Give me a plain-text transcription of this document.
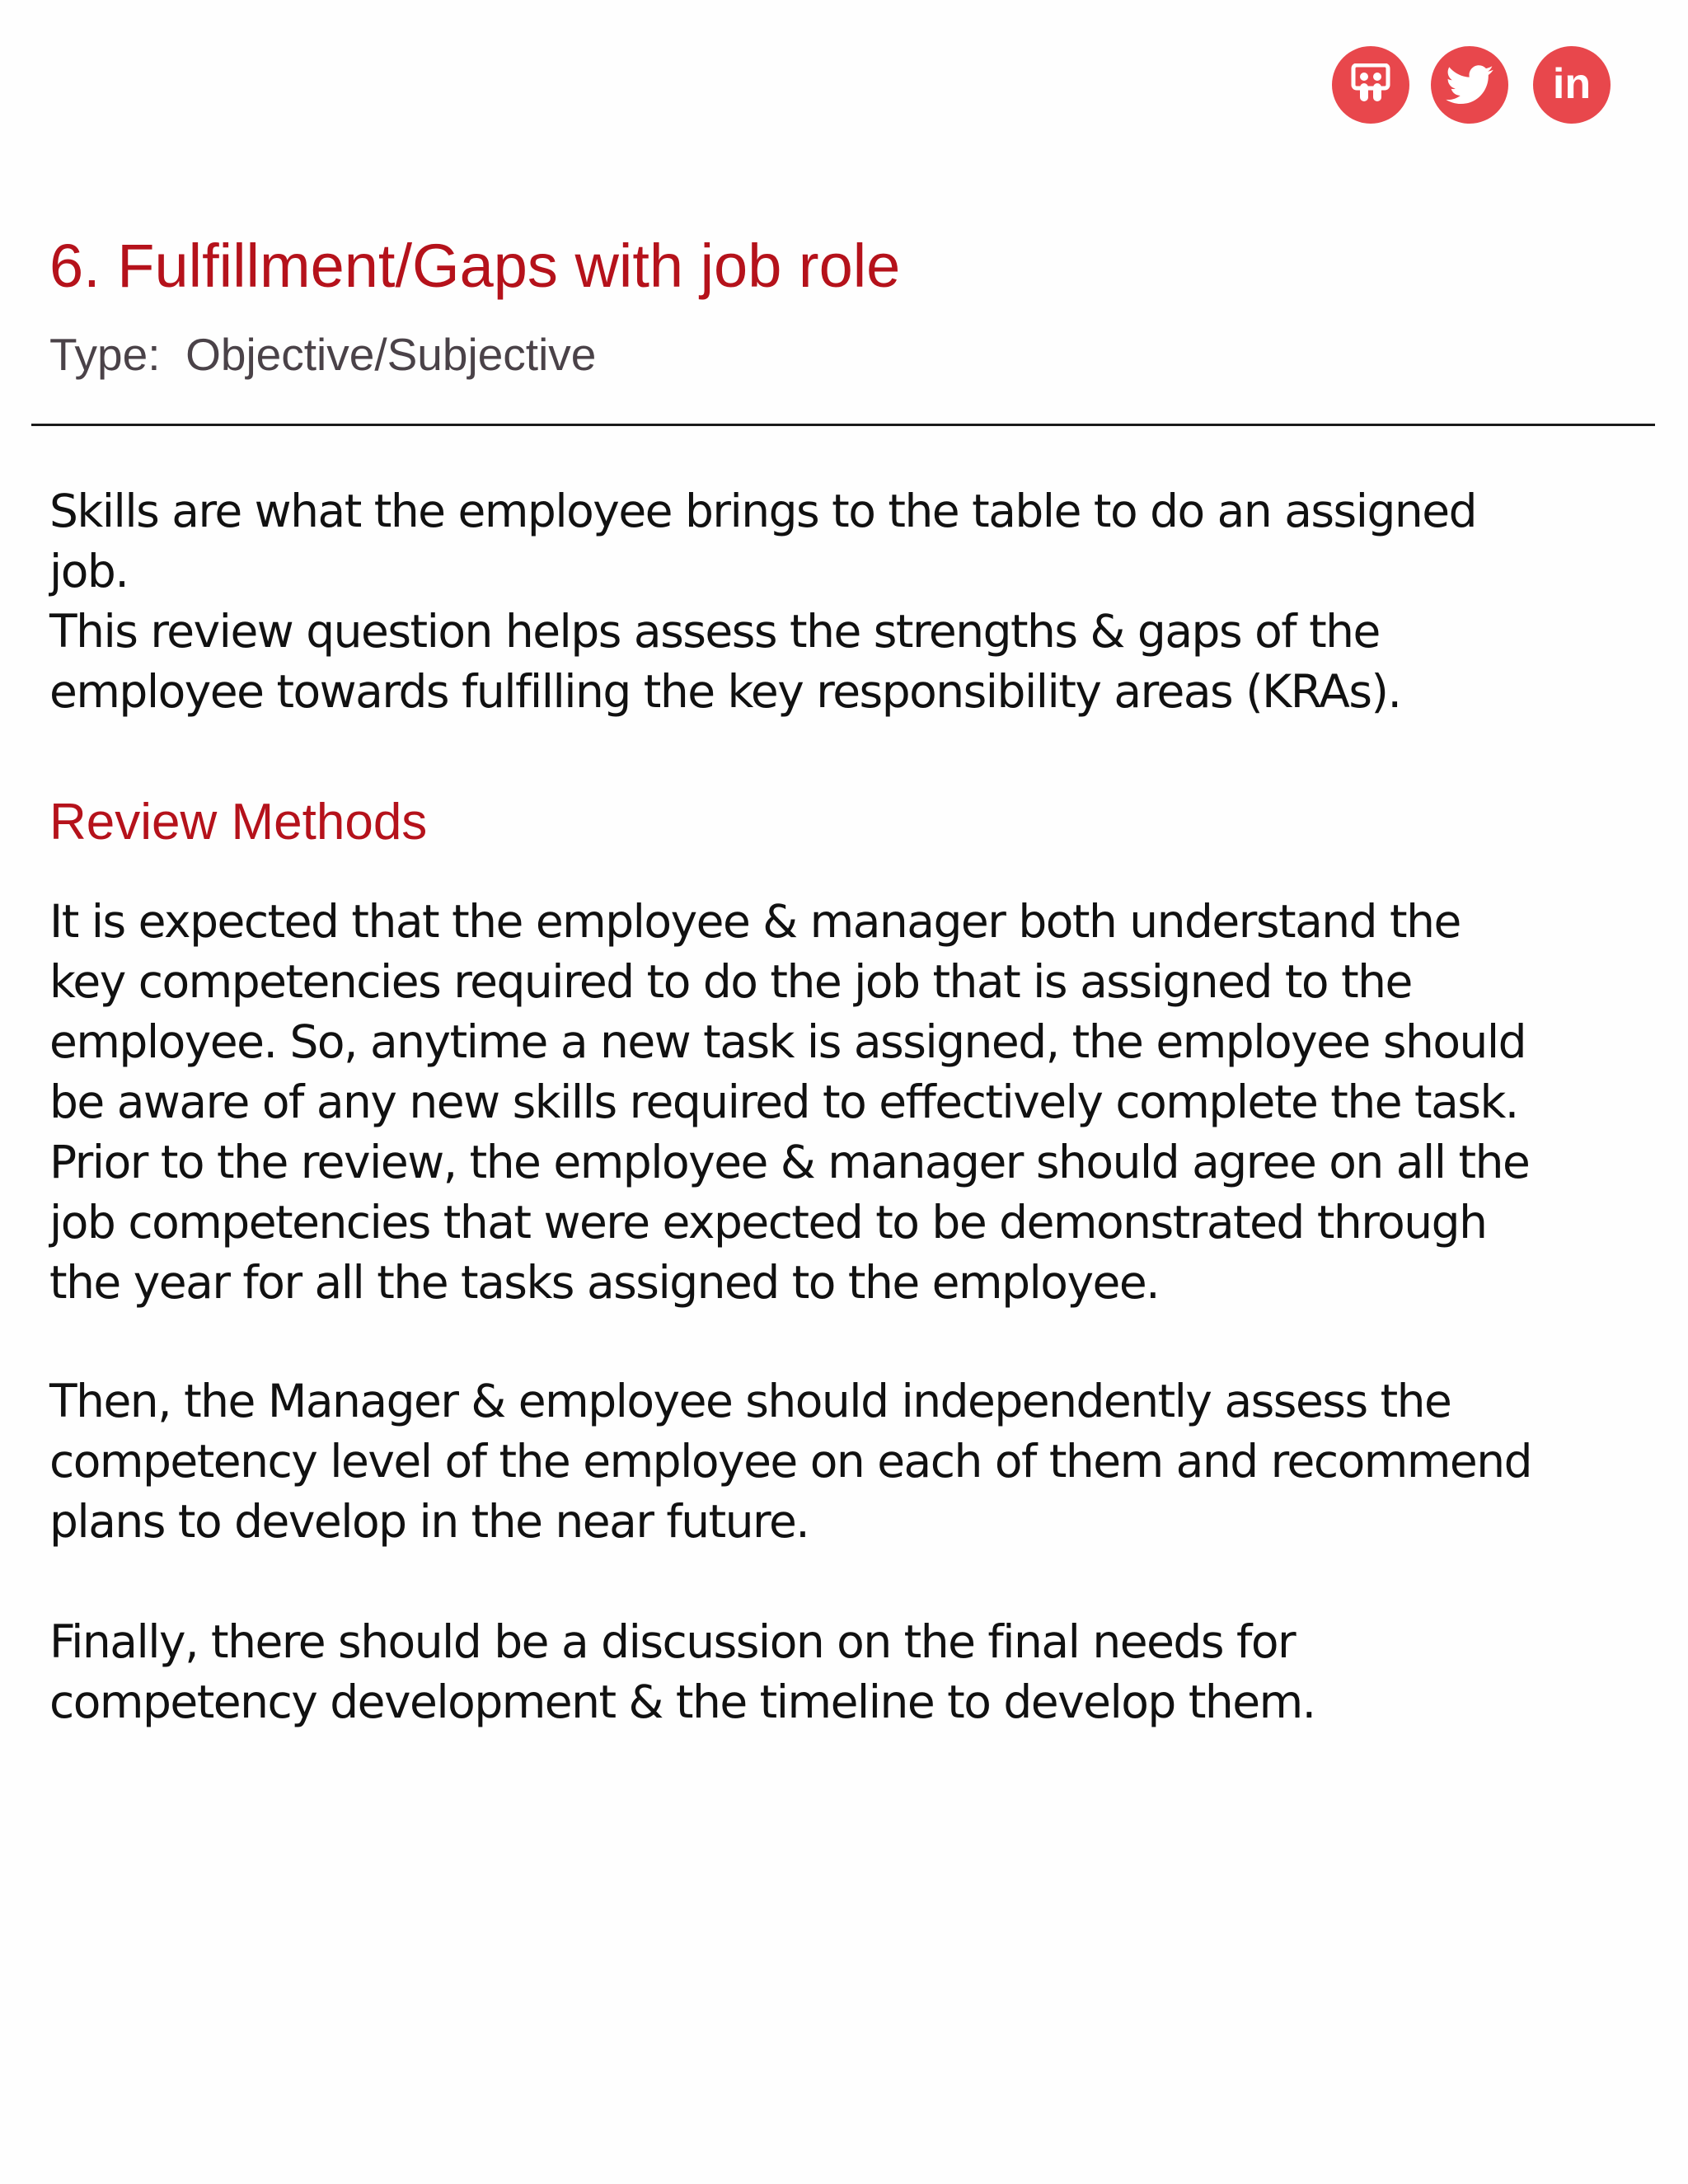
in
6. Fulfillment/Gaps with job role

Type:  Objective/Subjective

Skills are what the employee brings to the table to do an assigned
job.
This review question helps assess the strengths & gaps of the
employee towards fulfilling the key responsibility areas (KRAs).

Review Methods

It is expected that the employee & manager both understand the
key competencies required to do the job that is assigned to the
employee. So, anytime a new task is assigned, the employee should
be aware of any new skills required to effectively complete the task.
Prior to the review, the employee & manager should agree on all the
job competencies that were expected to be demonstrated through
the year for all the tasks assigned to the employee.

Then, the Manager & employee should independently assess the
competency level of the employee on each of them and recommend
plans to develop in the near future.

Finally, there should be a discussion on the final needs for
competency development & the timeline to develop them.
